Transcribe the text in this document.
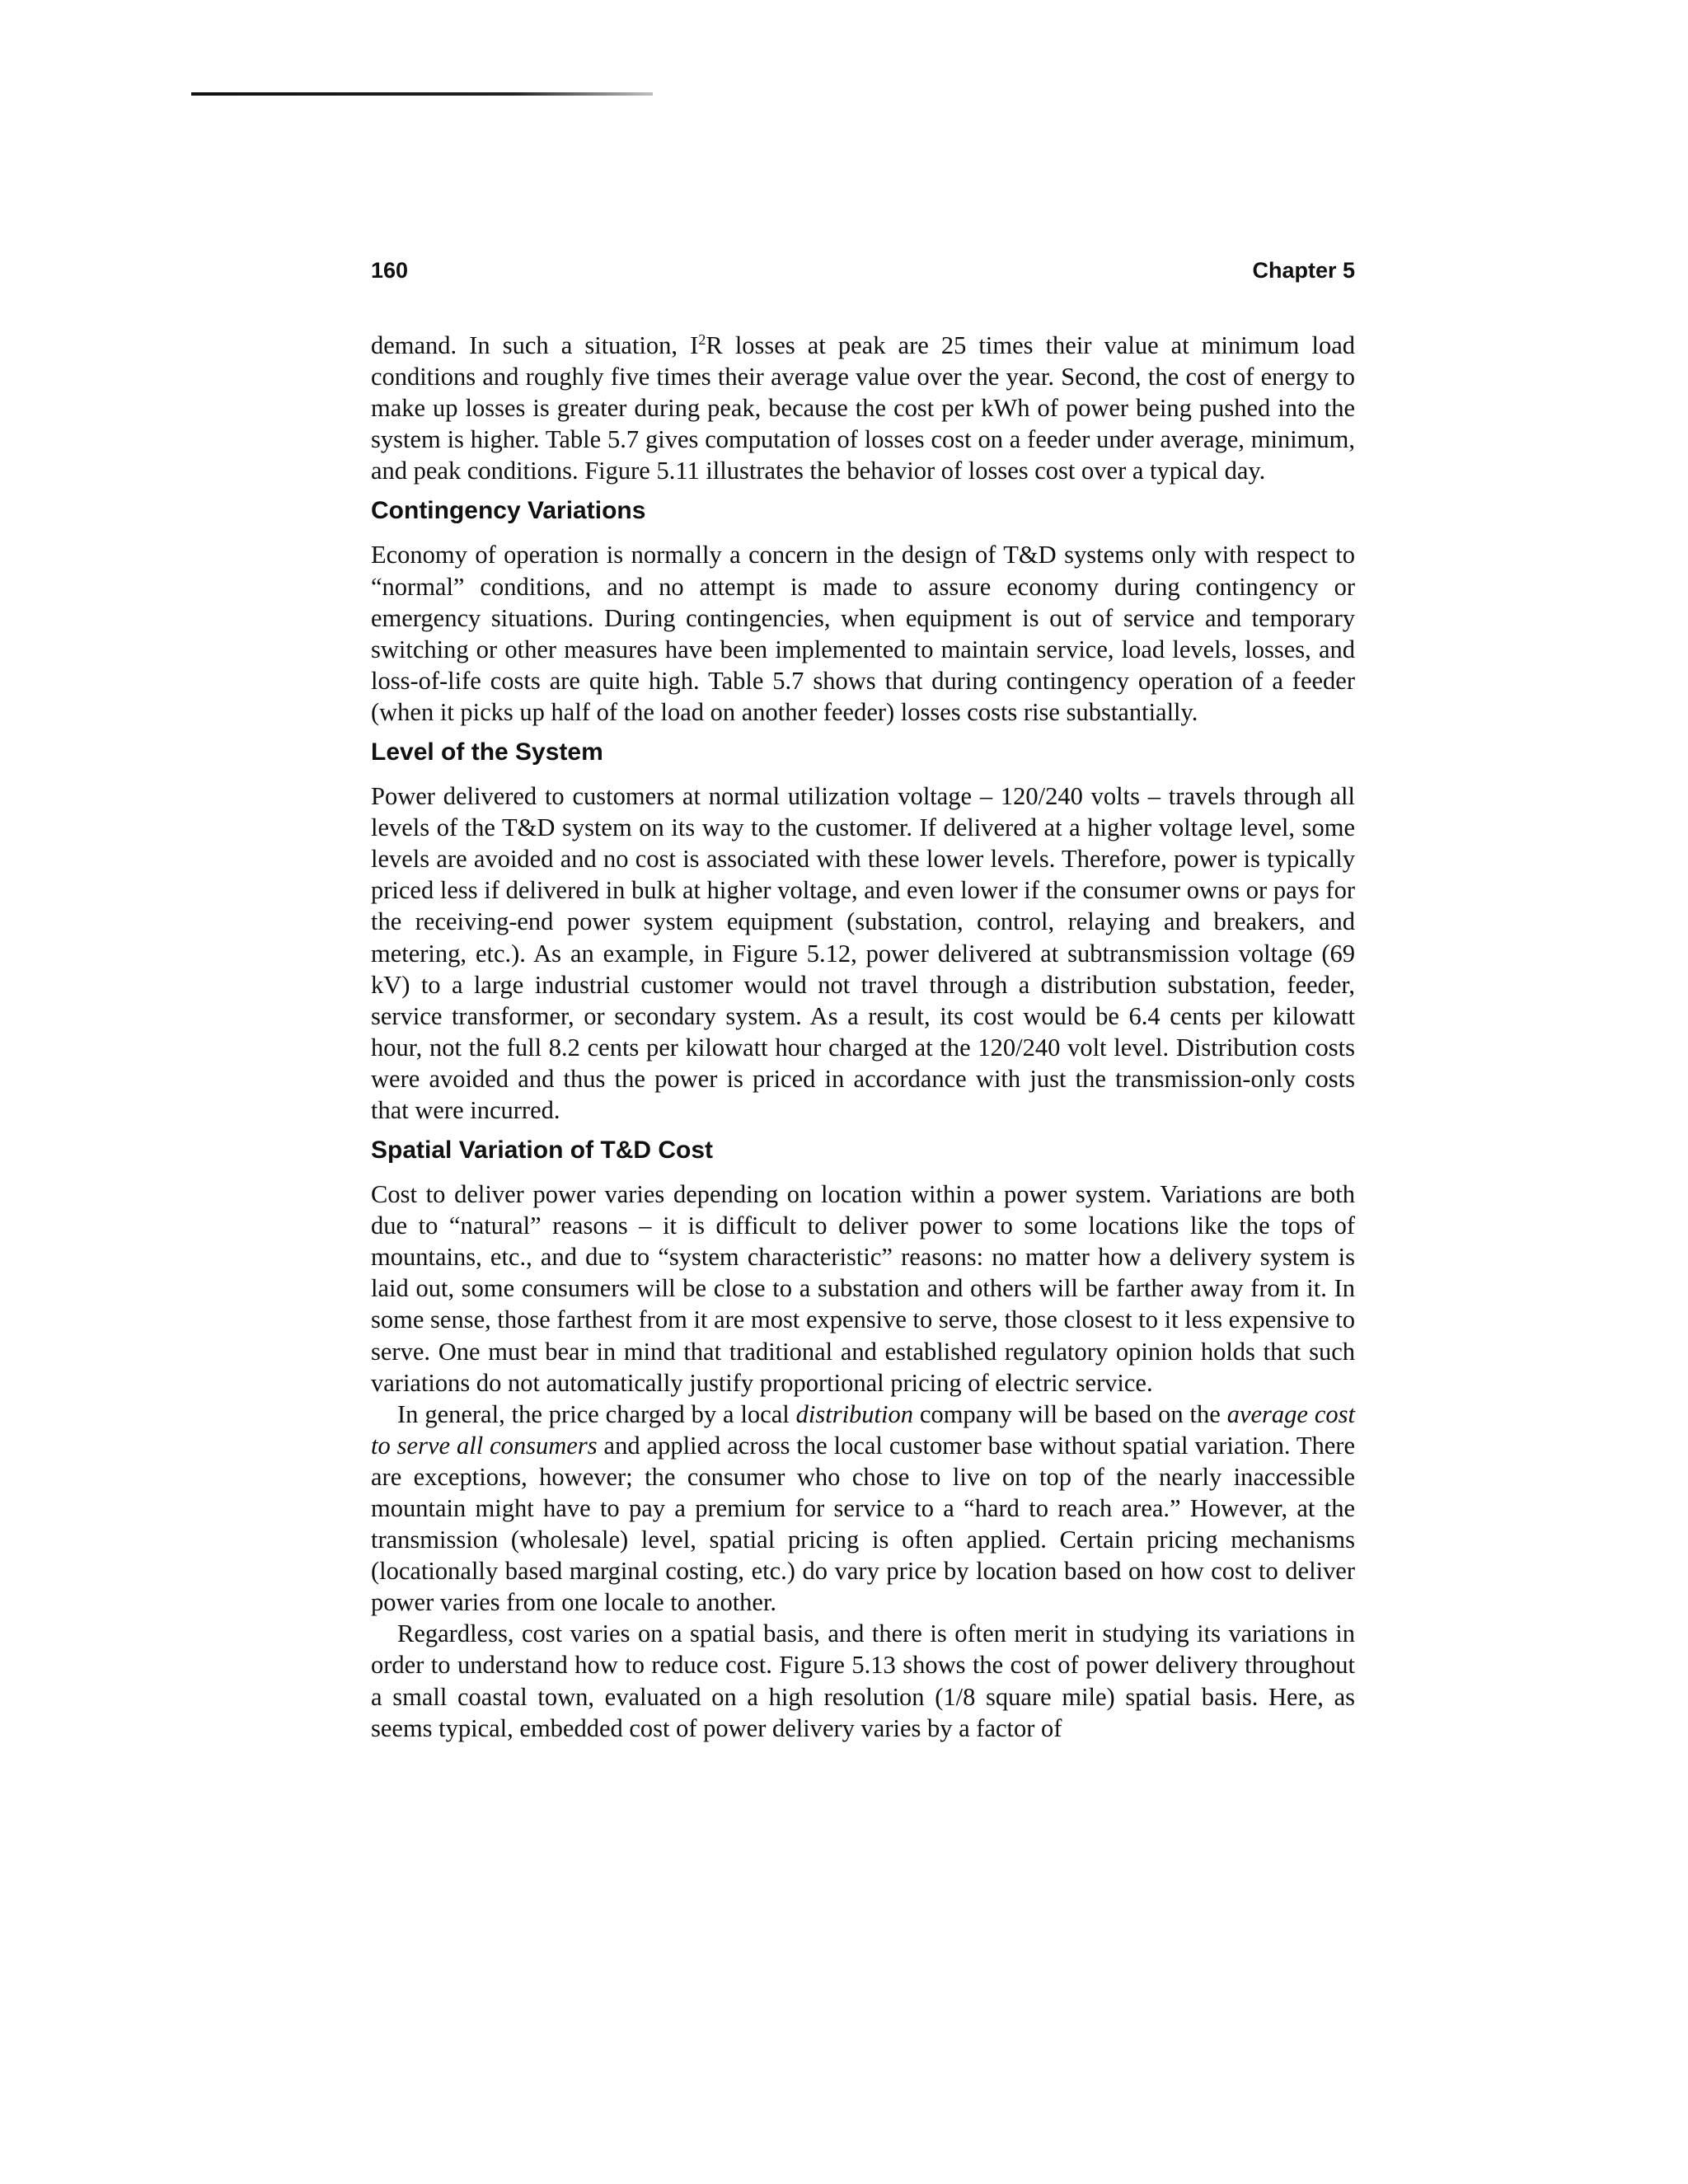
160	Chapter 5

demand. In such a situation, $I^2R$ losses at peak are 25 times their value at minimum load conditions and roughly five times their average value over the year. Second, the cost of energy to make up losses is greater during peak, because the cost per kWh of power being pushed into the system is higher. Table 5.7 gives computation of losses cost on a feeder under average, minimum, and peak conditions. Figure 5.11 illustrates the behavior of losses cost over a typical day.

Contingency Variations

Economy of operation is normally a concern in the design of T&D systems only with respect to “normal” conditions, and no attempt is made to assure economy during contingency or emergency situations. During contingencies, when equipment is out of service and temporary switching or other measures have been implemented to maintain service, load levels, losses, and loss-of-life costs are quite high. Table 5.7 shows that during contingency operation of a feeder (when it picks up half of the load on another feeder) losses costs rise substantially.

Level of the System

Power delivered to customers at normal utilization voltage – 120/240 volts – travels through all levels of the T&D system on its way to the customer. If delivered at a higher voltage level, some levels are avoided and no cost is associated with these lower levels. Therefore, power is typically priced less if delivered in bulk at higher voltage, and even lower if the consumer owns or pays for the receiving-end power system equipment (substation, control, relaying and breakers, and metering, etc.). As an example, in Figure 5.12, power delivered at subtransmission voltage (69 kV) to a large industrial customer would not travel through a distribution substation, feeder, service transformer, or secondary system. As a result, its cost would be 6.4 cents per kilowatt hour, not the full 8.2 cents per kilowatt hour charged at the 120/240 volt level. Distribution costs were avoided and thus the power is priced in accordance with just the transmission-only costs that were incurred.

Spatial Variation of T&D Cost

Cost to deliver power varies depending on location within a power system. Variations are both due to “natural” reasons – it is difficult to deliver power to some locations like the tops of mountains, etc., and due to “system characteristic” reasons: no matter how a delivery system is laid out, some consumers will be close to a substation and others will be farther away from it. In some sense, those farthest from it are most expensive to serve, those closest to it less expensive to serve. One must bear in mind that traditional and established regulatory opinion holds that such variations do not automatically justify proportional pricing of electric service.

In general, the price charged by a local distribution company will be based on the average cost to serve all consumers and applied across the local customer base without spatial variation. There are exceptions, however; the consumer who chose to live on top of the nearly inaccessible mountain might have to pay a premium for service to a “hard to reach area.” However, at the transmission (wholesale) level, spatial pricing is often applied. Certain pricing mechanisms (locationally based marginal costing, etc.) do vary price by location based on how cost to deliver power varies from one locale to another.

Regardless, cost varies on a spatial basis, and there is often merit in studying its variations in order to understand how to reduce cost. Figure 5.13 shows the cost of power delivery throughout a small coastal town, evaluated on a high resolution (1/8 square mile) spatial basis. Here, as seems typical, embedded cost of power delivery varies by a factor of
